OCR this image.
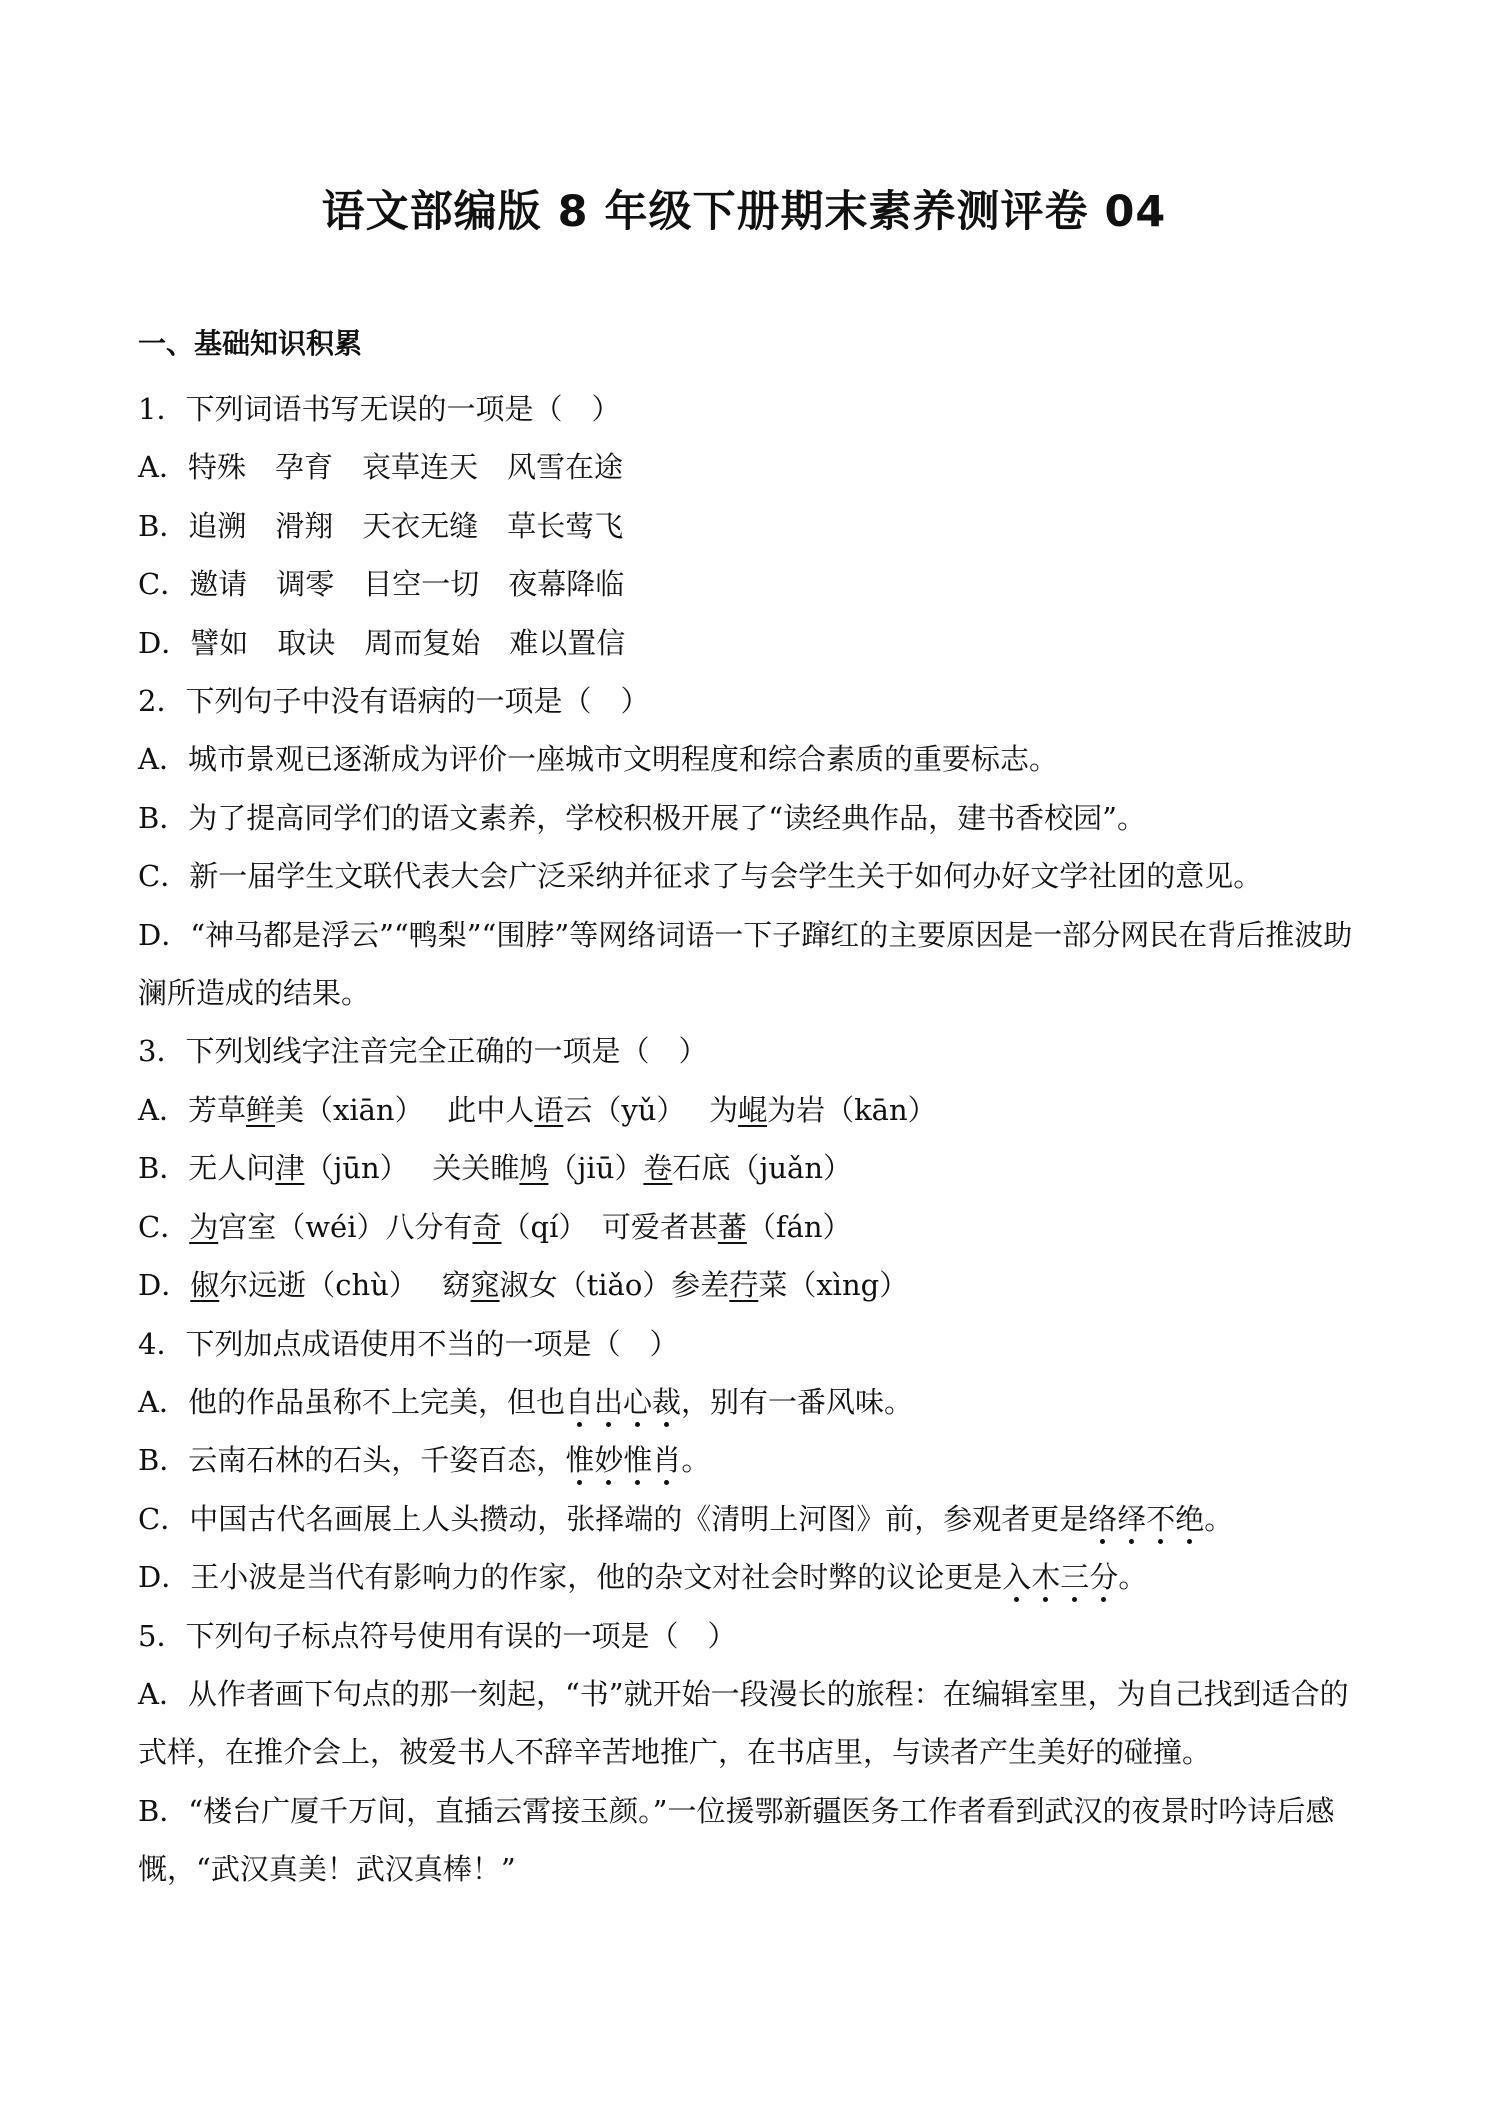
语文部编版 8 年级下册期末素养测评卷 04
一、基础知识积累
1．下列词语书写无误的一项是（　）
A．特殊　孕育　哀草连天　风雪在途
B．追溯　滑翔　天衣无缝　草长莺飞
C．邀请　调零　目空一切　夜幕降临
D．譬如　取诀　周而复始　难以置信
2．下列句子中没有语病的一项是（　）
A．城市景观已逐渐成为评价一座城市文明程度和综合素质的重要标志。
B．为了提高同学们的语文素养，学校积极开展了“读经典作品，建书香校园”。
C．新一届学生文联代表大会广泛采纳并征求了与会学生关于如何办好文学社团的意见。
D．“神马都是浮云”“鸭梨”“围脖”等网络词语一下子蹿红的主要原因是一部分网民在背后推波助澜所造成的结果。
3．下列划线字注音完全正确的一项是（　）
A．芳草鲜美（xiān）　 此中人语云（yǔ）　 为崐为岩（kān）
B．无人问津（jūn）　 关关睢鸠（jiū）卷石底（juǎn）
C．为宫室（wéi）八分有奇（qí）　可爱者甚蕃（fán）
D．俶尔远逝（chù）　 窈窕淑女（tiǎo）参差荇菜（xìng）
4．下列加点成语使用不当的一项是（　）
A．他的作品虽称不上完美，但也自出心裁，别有一番风味。
B．云南石林的石头，千姿百态，惟妙惟肖。
C．中国古代名画展上人头攒动，张择端的《清明上河图》前，参观者更是络绎不绝。
D．王小波是当代有影响力的作家，他的杂文对社会时弊的议论更是入木三分。
5．下列句子标点符号使用有误的一项是（　）
A．从作者画下句点的那一刻起，“书”就开始一段漫长的旅程：在编辑室里，为自己找到适合的式样，在推介会上，被爱书人不辞辛苦地推广，在书店里，与读者产生美好的碰撞。
B．“楼台广厦千万间，直插云霄接玉颜。”一位援鄂新疆医务工作者看到武汉的夜景时吟诗后感慨，“武汉真美！武汉真棒！”
